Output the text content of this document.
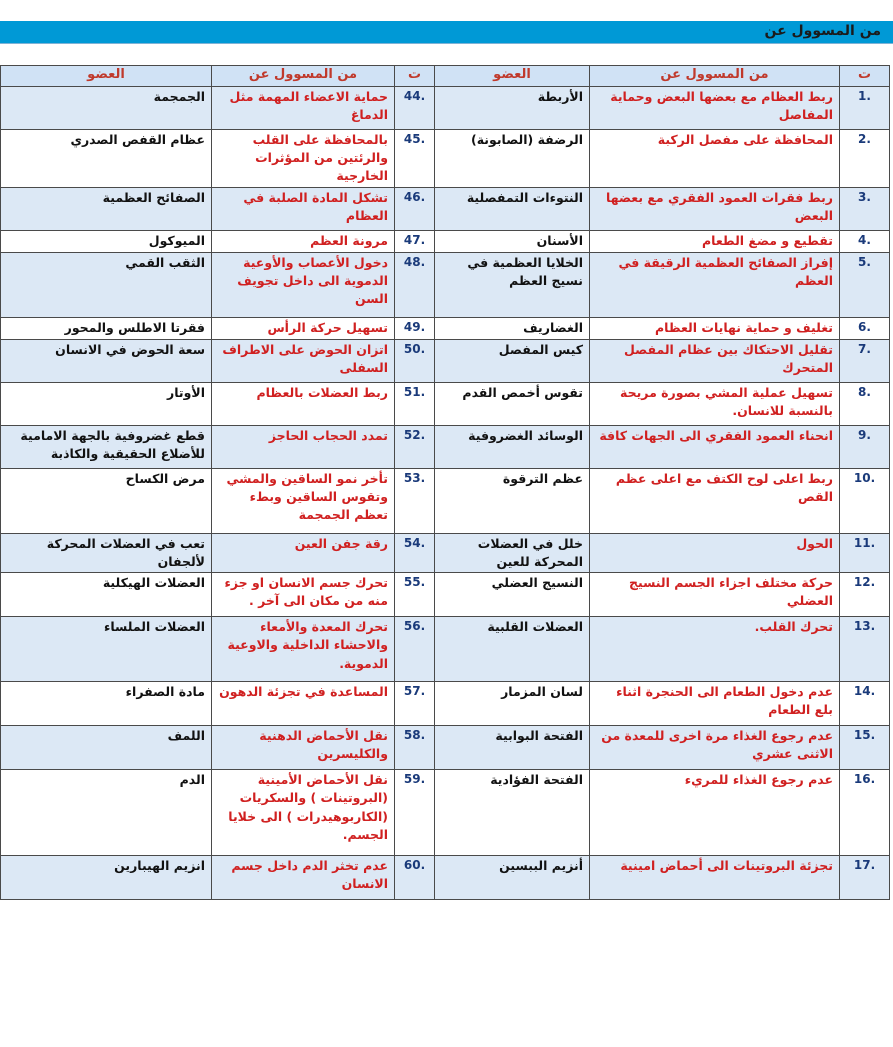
من المسوول عن
ت	من المسوول عن	العضو	ت	من المسوول عن	العضو
.1	ربط العظام مع بعضها البعض وحماية المفاصل	الأربطة	.44	حماية الاعضاء المهمة مثل الدماغ	الجمجمة
.2	المحافظة على مفصل الركبة	الرضفة (الصابونة)	.45	بالمحافظة على القلب والرئتين من المؤثرات الخارجية	عظام القفص الصدري
.3	ربط فقرات العمود الفقري مع بعضها البعض	النتوءات التمفصلية	.46	تشكل المادة الصلبة في العظام	الصفائح العظمية
.4	تقطيع و مضغ الطعام	الأسنان	.47	مرونة العظم	الميوكول
.5	إفراز الصفائح العظمية الرقيقة في العظم	الخلايا العظمية في نسيج العظم	.48	دخول الأعصاب والأوعية الدموية الى داخل تجويف السن	الثقب القمي
.6	تغليف و حماية نهايات العظام	الغضاريف	.49	تسهيل حركة الرأس	فقرتا الاطلس والمحور
.7	تقليل الاحتكاك بين عظام المفصل المتحرك	كيس المفصل	.50	اتزان الحوض على الاطراف السفلى	سعة الحوض في الانسان
.8	تسهيل عملية المشي بصورة مريحة بالنسبة للانسان.	تقوس أخمص القدم	.51	ربط العضلات بالعظام	الأوتار
.9	انحناء العمود الفقري الى الجهات كافة	الوسائد الغضروفية	.52	تمدد الحجاب الحاجز	قطع غضروفية بالجهة الامامية للأضلاع الحقيقية والكاذبة
.10	ربط اعلى لوح الكتف مع اعلى عظم القص	عظم الترقوة	.53	تأخر نمو الساقين والمشي وتقوس الساقين وبطء تعظم الجمجمة	مرض الكساح
.11	الحول	خلل في العضلات المحركة للعين	.54	رقة جفن العين	تعب في العضلات المحركة لألجفان
.12	حركة مختلف اجزاء الجسم النسيج العضلي	النسيج العضلي	.55	تحرك جسم الانسان او جزء منه من مكان الى آخر .	العضلات الهيكلية
.13	تحرك القلب.	العضلات القلبية	.56	تحرك المعدة والأمعاء والاحشاء الداخلية والاوعية الدموية.	العضلات الملساء
.14	عدم دخول الطعام الى الحنجرة اثناء بلع الطعام	لسان المزمار	.57	المساعدة في تجزئة الدهون	مادة الصفراء
.15	عدم رجوع الغذاء مرة اخرى للمعدة من الاثنى عشري	الفتحة البوابية	.58	نقل الأحماض الدهنية والكليسرين	اللمف
.16	عدم رجوع الغذاء للمريء	الفتحة الفؤادية	.59	نقل الأحماض الأمينية (البروتينات ) والسكريات (الكاربوهيدرات ) الى خلايا الجسم.	الدم
.17	تجزئة البروتينات الى أحماض امينية	أنزيم الببسين	.60	عدم تخثر الدم داخل جسم الانسان	انزيم الهيبارين
